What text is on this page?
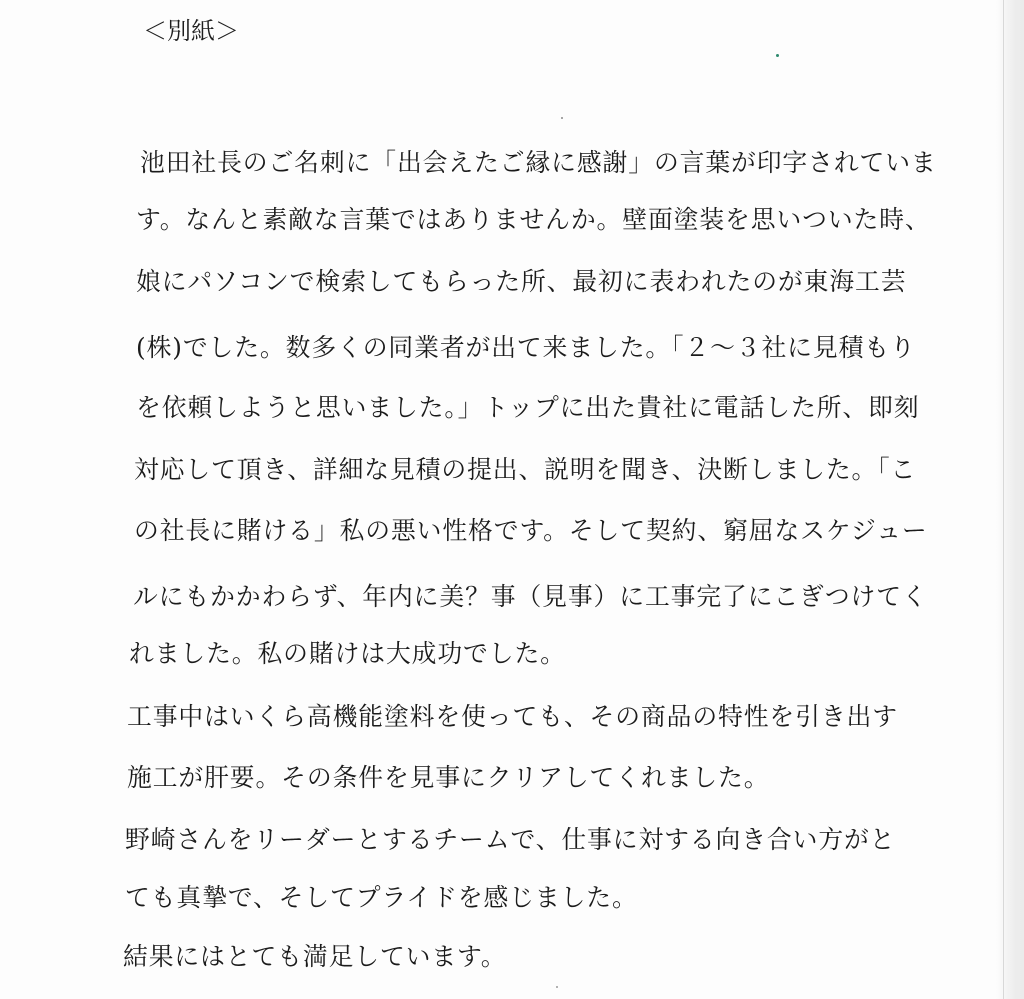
＜別紙＞

池田社長のご名刺に「出会えたご縁に感謝」の言葉が印字されていま

す。なんと素敵な言葉ではありませんか。壁面塗装を思いついた時、

娘にパソコンで検索してもらった所、最初に表われたのが東海工芸

(株)でした。数多くの同業者が出て来ました。「２～３社に見積もり

を依頼しようと思いました。」トップに出た貴社に電話した所、即刻

対応して頂き、詳細な見積の提出、説明を聞き、決断しました。「こ

の社長に賭ける」私の悪い性格です。そして契約、窮屈なスケジュー

ルにもかかわらず、年内に美？事（見事）に工事完了にこぎつけてく

れました。私の賭けは大成功でした。

工事中はいくら高機能塗料を使っても、その商品の特性を引き出す

施工が肝要。その条件を見事にクリアしてくれました。

野崎さんをリーダーとするチームで、仕事に対する向き合い方がと

ても真摯で、そしてプライドを感じました。

結果にはとても満足しています。
